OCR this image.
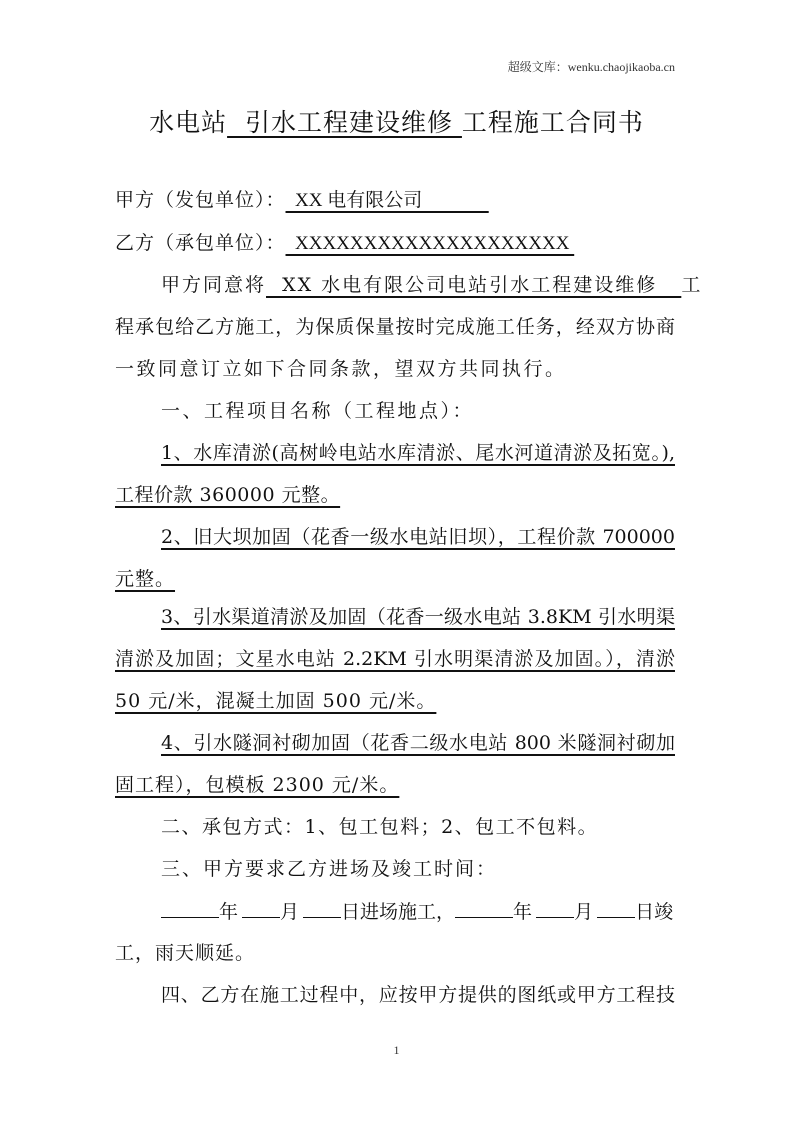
超级文库：wenku.chaojikaoba.cn
水电站  引水工程建设维修 工程施工合同书
甲方（发包单位）：  XX 电有限公司
乙方（承包单位）：  XXXXXXXXXXXXXXXXXXXX
甲方同意将  XX 水电有限公司电站引水工程建设维修   工
程承包给乙方施工，为保质保量按时完成施工任务，经双方协商
一致同意订立如下合同条款，望双方共同执行。
一、工程项目名称（工程地点）：
1、水库清淤(高树岭电站水库清淤、尾水河道清淤及拓宽。),
工程价款 360000 元整。
2、旧大坝加固（花香一级水电站旧坝），工程价款 700000
元整。
3、引水渠道清淤及加固（花香一级水电站 3.8KM 引水明渠
清淤及加固；文星水电站 2.2KM 引水明渠清淤及加固。），清淤
50 元/米，混凝土加固 500 元/米。
4、引水隧洞衬砌加固（花香二级水电站 800 米隧洞衬砌加
固工程），包模板 2300 元/米。
二、承包方式：1、包工包料；2、包工不包料。
三、甲方要求乙方进场及竣工时间：
年 月 日进场施工，	年 月 日竣
工，雨天顺延。
四、乙方在施工过程中，应按甲方提供的图纸或甲方工程技
1
